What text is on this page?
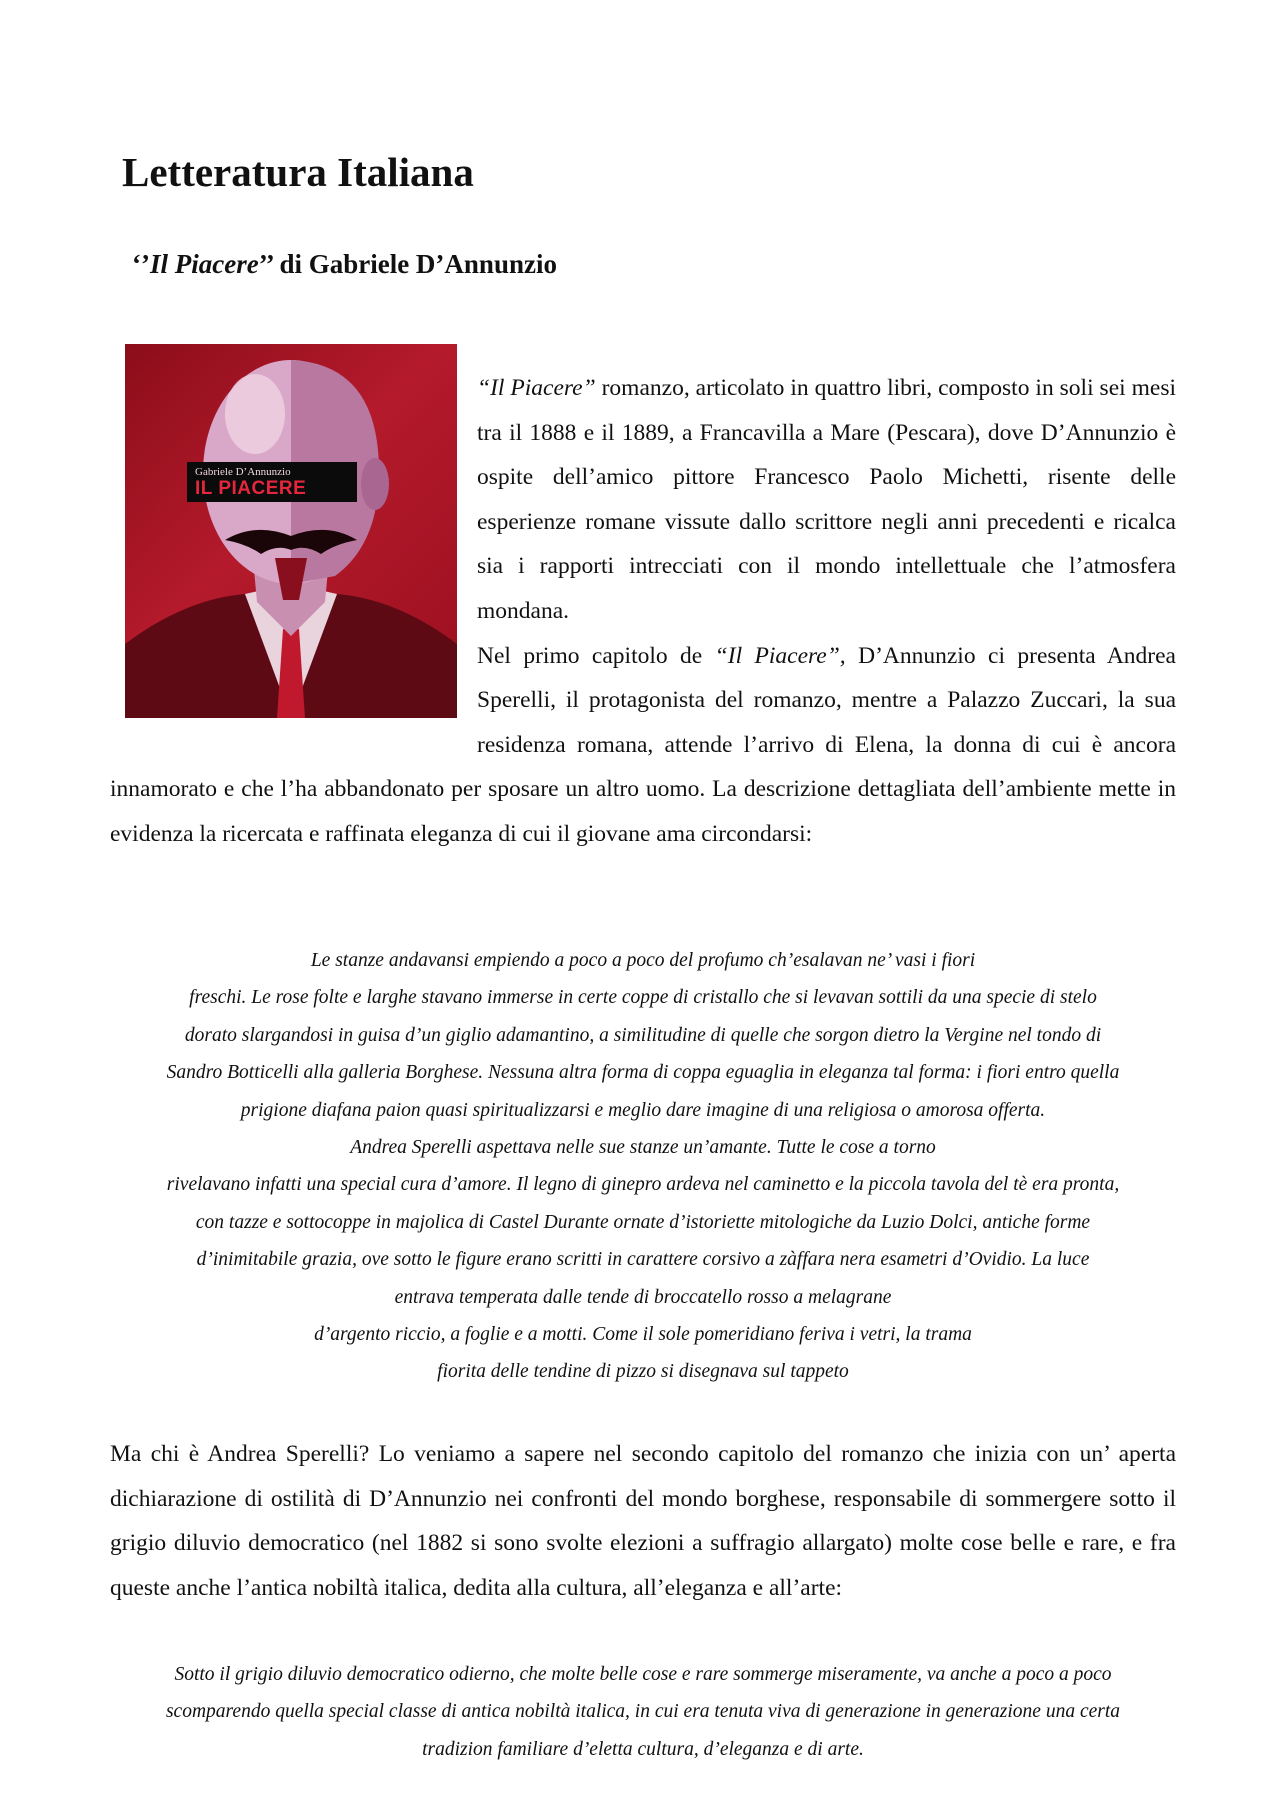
Letteratura Italiana
‘’Il Piacere’’ di Gabriele D’Annunzio
Gabriele D’Annunzio
IL PIACERE

“Il Piacere” romanzo, articolato in quattro libri, composto in soli sei mesi tra il 1888 e il 1889, a Francavilla a Mare (Pescara), dove D’Annunzio è ospite dell’amico pittore Francesco Paolo Michetti, risente delle esperienze romane vissute dallo scrittore negli anni precedenti e ricalca sia i rapporti intrecciati con il mondo intellettuale che l’atmosfera mondana.

Nel primo capitolo de “Il Piacere”, D’Annunzio ci presenta Andrea Sperelli, il protagonista del romanzo, mentre a Palazzo Zuccari, la sua residenza romana, attende l’arrivo di Elena, la donna di cui è ancora innamorato e che l’ha abbandonato per sposare un altro uomo. La descrizione dettagliata dell’ambiente mette in evidenza la ricercata e raffinata eleganza di cui il giovane ama circondarsi:

Le stanze andavansi empiendo a poco a poco del profumo ch’esalavan ne’ vasi i fiori
freschi. Le rose folte e larghe stavano immerse in certe coppe di cristallo che si levavan sottili da una specie di stelo
dorato slargandosi in guisa d’un giglio adamantino, a similitudine di quelle che sorgon dietro la Vergine nel tondo di
Sandro Botticelli alla galleria Borghese. Nessuna altra forma di coppa eguaglia in eleganza tal forma: i fiori entro quella
prigione diafana paion quasi spiritualizzarsi e meglio dare imagine di una religiosa o amorosa offerta.
Andrea Sperelli aspettava nelle sue stanze un’amante. Tutte le cose a torno
rivelavano infatti una special cura d’amore. Il legno di ginepro ardeva nel caminetto e la piccola tavola del tè era pronta,
con tazze e sottocoppe in majolica di Castel Durante ornate d’istoriette mitologiche da Luzio Dolci, antiche forme
d’inimitabile grazia, ove sotto le figure erano scritti in carattere corsivo a zàffara nera esametri d’Ovidio. La luce
entrava temperata dalle tende di broccatello rosso a melagrane
d’argento riccio, a foglie e a motti. Come il sole pomeridiano feriva i vetri, la trama
fiorita delle tendine di pizzo si disegnava sul tappeto

Ma chi è Andrea Sperelli? Lo veniamo a sapere nel secondo capitolo del romanzo che inizia con un’ aperta dichiarazione di ostilità di D’Annunzio nei confronti del mondo borghese, responsabile di sommergere sotto il grigio diluvio democratico (nel 1882 si sono svolte elezioni a suffragio allargato) molte cose belle e rare, e fra queste anche l’antica nobiltà italica, dedita alla cultura, all’eleganza e all’arte:

Sotto il grigio diluvio democratico odierno, che molte belle cose e rare sommerge miseramente, va anche a poco a poco
scomparendo quella special classe di antica nobiltà italica, in cui era tenuta viva di generazione in generazione una certa
tradizion familiare d’eletta cultura, d’eleganza e di arte.
